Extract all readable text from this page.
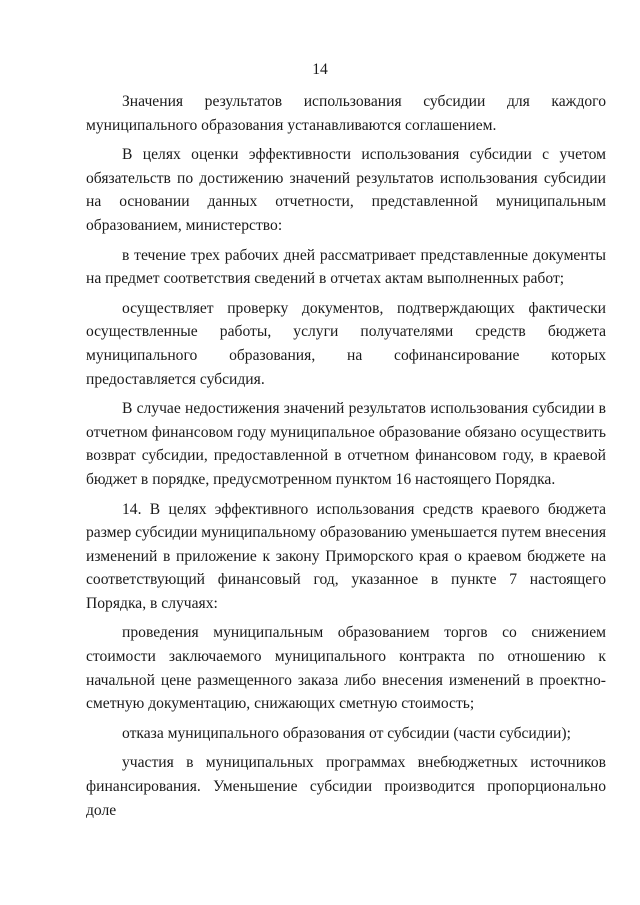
14

Значения результатов использования субсидии для каждого муниципального образования устанавливаются соглашением.

В целях оценки эффективности использования субсидии с учетом обязательств по достижению значений результатов использования субсидии на основании данных отчетности, представленной муниципальным образованием, министерство:

в течение трех рабочих дней рассматривает представленные документы на предмет соответствия сведений в отчетах актам выполненных работ;

осуществляет проверку документов, подтверждающих фактически осуществленные работы, услуги получателями средств бюджета муниципального образования, на софинансирование которых предоставляется субсидия.

В случае недостижения значений результатов использования субсидии в отчетном финансовом году муниципальное образование обязано осуществить возврат субсидии, предоставленной в отчетном финансовом году, в краевой бюджет в порядке, предусмотренном пунктом 16 настоящего Порядка.

14. В целях эффективного использования средств краевого бюджета размер субсидии муниципальному образованию уменьшается путем внесения изменений в приложение к закону Приморского края о краевом бюджете на соответствующий финансовый год, указанное в пункте 7 настоящего Порядка, в случаях:

проведения муниципальным образованием торгов со снижением стоимости заключаемого муниципального контракта по отношению к начальной цене размещенного заказа либо внесения изменений в проектно-сметную документацию, снижающих сметную стоимость;

отказа муниципального образования от субсидии (части субсидии);

участия в муниципальных программах внебюджетных источников финансирования. Уменьшение субсидии производится пропорционально доле
